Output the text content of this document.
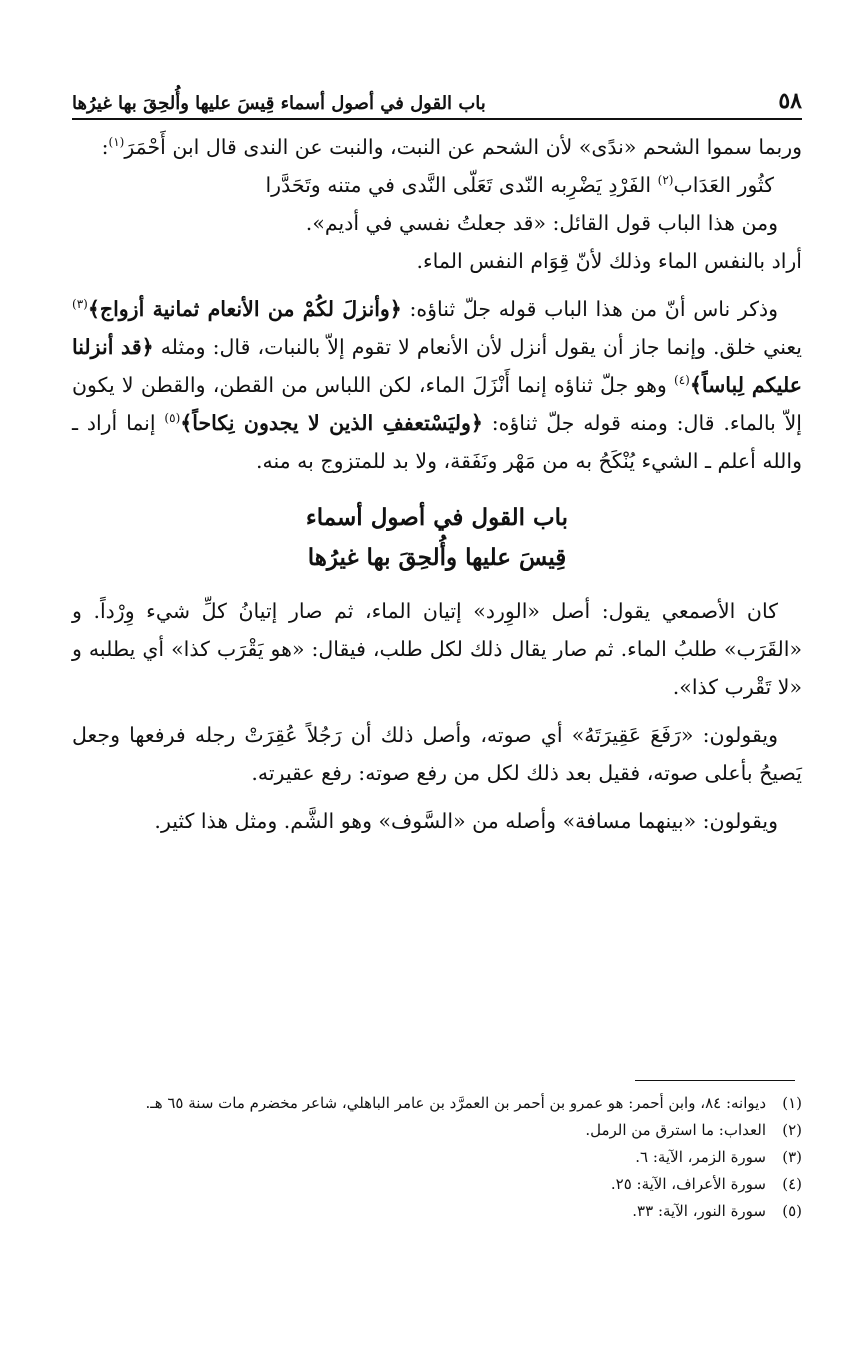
٥٨
باب القول في أصول أسماء قِيسَ عليها وأُلحِقَ بها غيرُها

وربما سموا الشحم «ندًى» لأن الشحم عن النبت، والنبت عن الندى قال ابن أَحْمَرَ$^{(١)}$:

كثُور العَدَاب$^{(٢)}$ الفَرْدِ يَضْرِبه النّدى تَعَلّى النَّدى في متنه وتَحَدَّرا

ومن هذا الباب قول القائل: «قد جعلتُ نفسي في أديم».

أراد بالنفس الماء وذلك لأنّ قِوَام النفس الماء.

وذكر ناس أنّ من هذا الباب قوله جلّ ثناؤه: ﴿وأنزلَ لكُمْ من الأنعام ثمانية أزواج﴾$^{(٣)}$ يعني خلق. وإنما جاز أن يقول أنزل لأن الأنعام لا تقوم إلاّ بالنبات، قال: ومثله ﴿قد أنزلنا عليكم لِباساً﴾$^{(٤)}$ وهو جلّ ثناؤه إنما أَنْزَلَ الماء، لكن اللباس من القطن، والقطن لا يكون إلاّ بالماء. قال: ومنه قوله جلّ ثناؤه: ﴿وليَسْتعففِ الذين لا يجدون نِكاحاً﴾$^{(٥)}$ إنما أراد ـ والله أعلم ـ الشيء يُنْكَحُ به من مَهْر ونَفَقة، ولا بد للمتزوج به منه.

باب القول في أصول أسماء
قِيسَ عليها وأُلحِقَ بها غيرُها

كان الأصمعي يقول: أصل «الوِرد» إتيان الماء، ثم صار إتيانُ كلِّ شيء وِرْداً. و «القَرَب» طلبُ الماء. ثم صار يقال ذلك لكل طلب، فيقال: «هو يَقْرَب كذا» أي يطلبه و «لا تَقْرب كذا».

ويقولون: «رَفَعَ عَقِيرَتَهُ» أي صوته، وأصل ذلك أن رَجُلاً عُقِرَتْ رجله فرفعها وجعل يَصيحُ بأعلى صوته، فقيل بعد ذلك لكل من رفع صوته: رفع عقيرته.

ويقولون: «بينهما مسافة» وأصله من «السَّوف» وهو الشَّم. ومثل هذا كثير.

(١)
ديوانه: ٨٤، وابن أحمر: هو عمرو بن أحمر بن العمرَّد بن عامر الباهلي، شاعر مخضرم مات سنة ٦٥ هـ.
(٢)
العداب: ما استرق من الرمل.
(٣)
سورة الزمر، الآية: ٦.
(٤)
سورة الأعراف، الآية: ٢٥.
(٥)
سورة النور، الآية: ٣٣.
